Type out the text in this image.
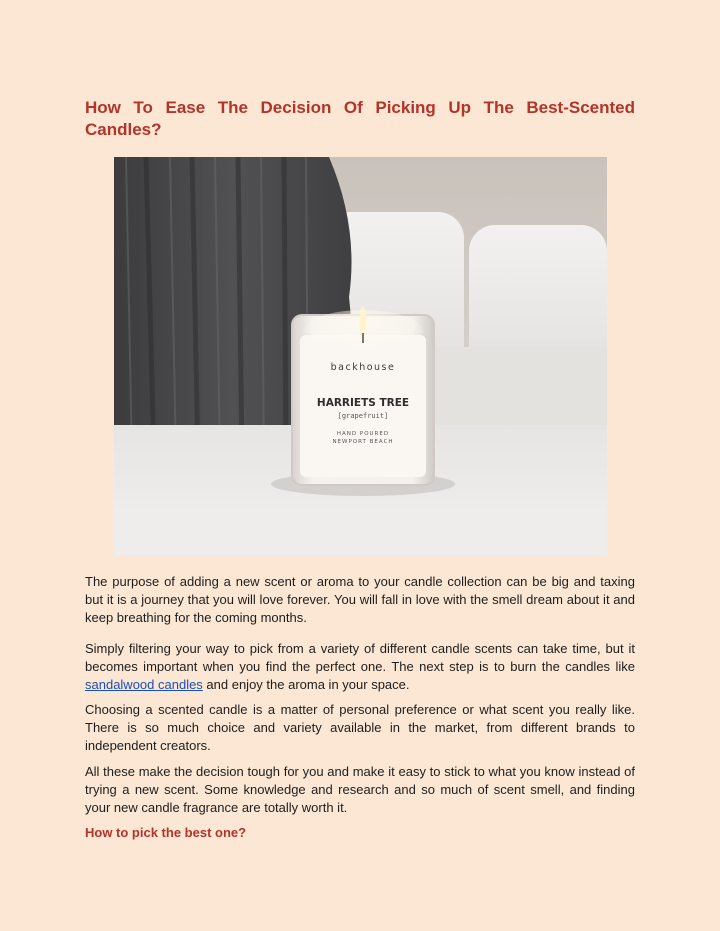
How To Ease The Decision Of Picking Up The Best-Scented Candles?
backhouse
HARRIETS TREE
[grapefruit]
HAND POURED
NEWPORT BEACH

The purpose of adding a new scent or aroma to your candle collection can be big and taxing but it is a journey that you will love forever. You will fall in love with the smell dream about it and keep breathing for the coming months.

Simply filtering your way to pick from a variety of different candle scents can take time, but it becomes important when you find the perfect one. The next step is to burn the candles like sandalwood candles and enjoy the aroma in your space.

Choosing a scented candle is a matter of personal preference or what scent you really like. There is so much choice and variety available in the market, from different brands to independent creators.

All these make the decision tough for you and make it easy to stick to what you know instead of trying a new scent. Some knowledge and research and so much of scent smell, and finding your new candle fragrance are totally worth it.

How to pick the best one?
